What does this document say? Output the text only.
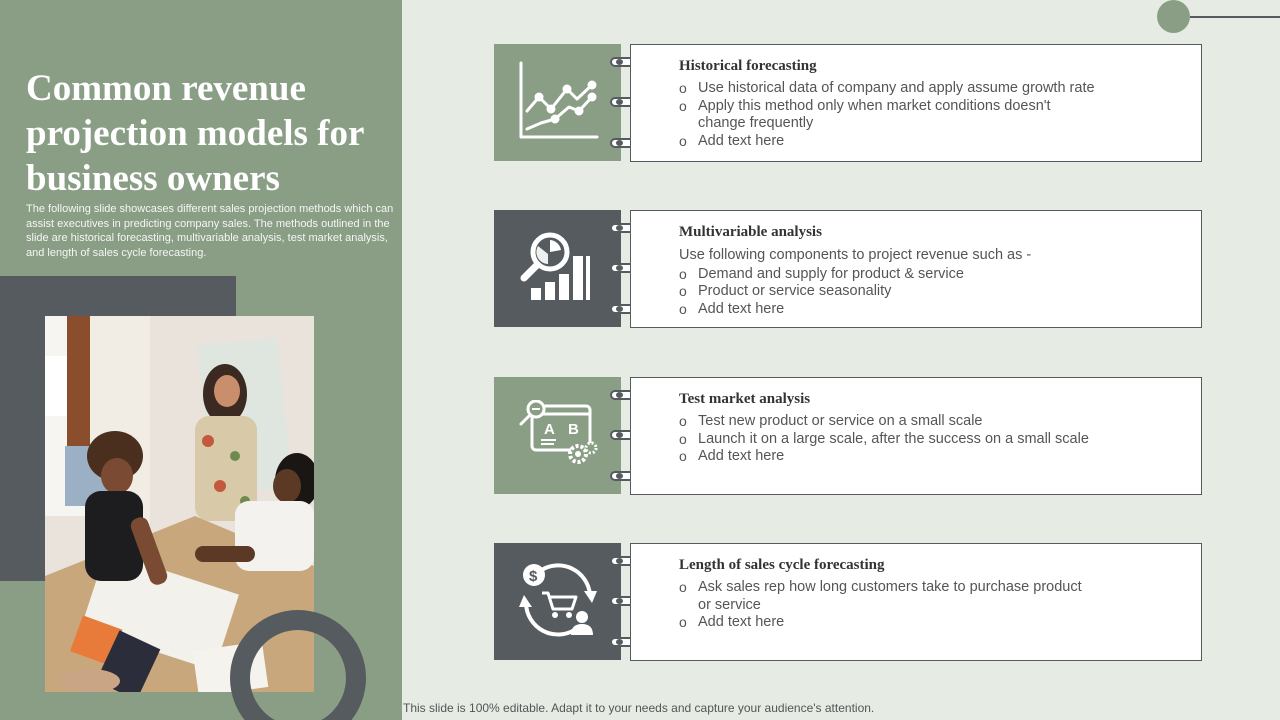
Common revenue projection models for business owners

The following slide showcases different sales projection methods which can assist executives in predicting company sales. The methods outlined in the slide are historical forecasting, multivariable analysis, test market analysis, and length of sales cycle forecasting.

Historical forecasting
o Use historical data of company and apply assume growth rate
o Apply this method only when market conditions doesn't change frequently
o Add text here
Multivariable analysis
Use following components to project revenue such as -
o Demand and supply for product & service
o Product or service seasonality
o Add text here
A B
Test market analysis
o Test new product or service on a small scale
o Launch it on a large scale, after the success on a small scale
o Add text here
$
Length of sales cycle forecasting
o Ask sales rep how long customers take to purchase product or service
o Add text here
This slide is 100% editable. Adapt it to your needs and capture your audience's attention.
